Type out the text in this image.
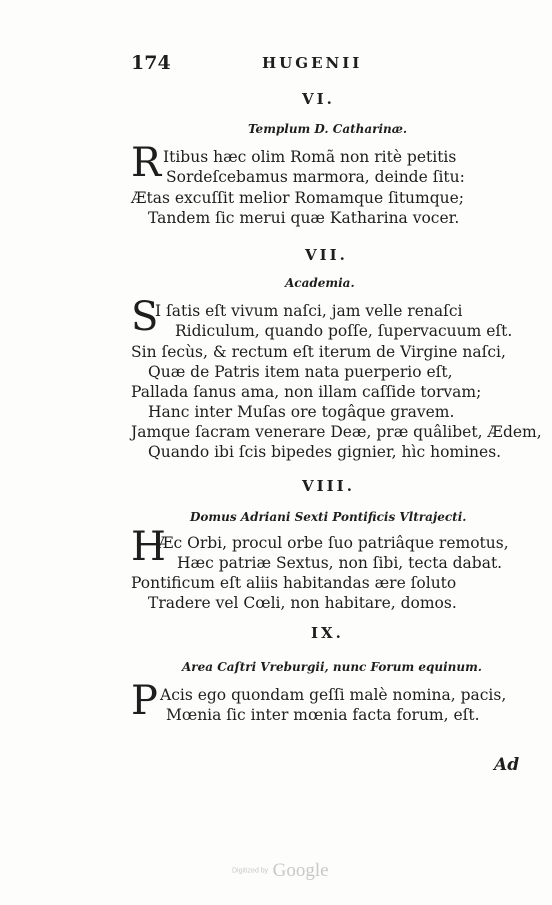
174	HUGENII
VI.
Templum D. Catharinæ.
R Itibus hæc olim Romã non ritè petitis
Sordeſcebamus marmora, deinde ſitu:
Ætas excuſſit melior Romamque ſitumque;
Tandem ſic merui quæ Katharina vocer.
VII.
Academia.
S
I ſatis eſt vivum naſci, jam velle renaſci
Ridiculum, quando poſſe, ſupervacuum eſt.
Sin ſecùs, & rectum eſt iterum de Virgine naſci,
Quæ de Patris item nata puerperio eſt,
Pallada ſanus ama, non illam caſſide torvam;
Hanc inter Muſas ore togâque gravem.
Jamque ſacram venerare Deæ, præ quâlibet, Ædem,
Quando ibi ſcis bipedes gignier, hìc homines.
VIII.
Domus Adriani Sexti Pontificis Vltrajecti.
H
Æc Orbi, procul orbe ſuo patriâque remotus,
Hæc patriæ Sextus, non ſibi, tecta dabat.
Pontificum eſt aliis habitandas ære ſoluto
Tradere vel Cœli, non habitare, domos.
IX.
Area Caſtri Vreburgii, nunc Forum equinum.
P Acis ego quondam geſſi malè nomina, pacis,
Mœnia ſic inter mœnia facta forum, eſt.
Ad
Digitized by Google
